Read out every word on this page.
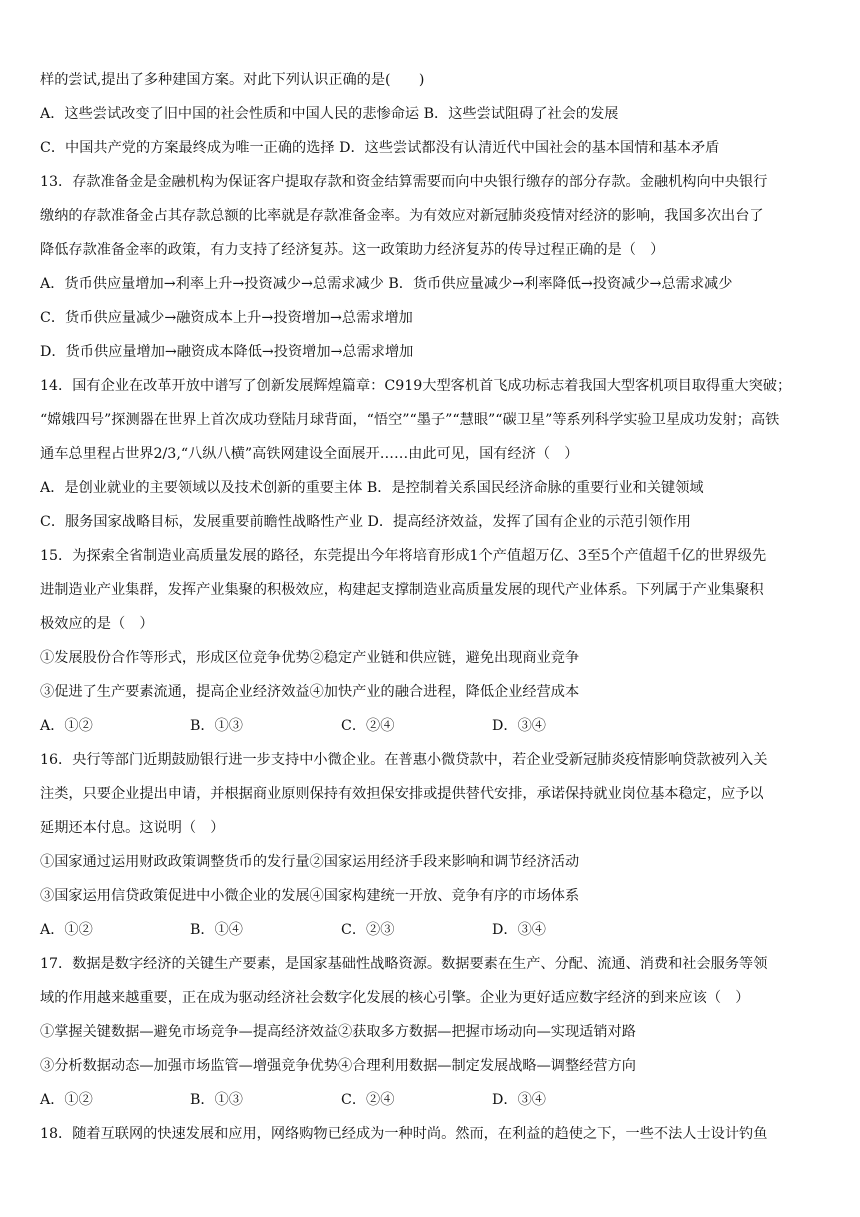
样的尝试,提出了多种建国方案。对此下列认识正确的是(　　)
A．这些尝试改变了旧中国的社会性质和中国人民的悲惨命运 B．这些尝试阻碍了社会的发展
C．中国共产党的方案最终成为唯一正确的选择 D．这些尝试都没有认清近代中国社会的基本国情和基本矛盾
13．存款准备金是金融机构为保证客户提取存款和资金结算需要而向中央银行缴存的部分存款。金融机构向中央银行
缴纳的存款准备金占其存款总额的比率就是存款准备金率。为有效应对新冠肺炎疫情对经济的影响，我国多次出台了
降低存款准备金率的政策，有力支持了经济复苏。这一政策助力经济复苏的传导过程正确的是（　）
A．货币供应量增加→利率上升→投资减少→总需求减少 B．货币供应量减少→利率降低→投资减少→总需求减少
C．货币供应量减少→融资成本上升→投资增加→总需求增加
D．货币供应量增加→融资成本降低→投资增加→总需求增加
14．国有企业在改革开放中谱写了创新发展辉煌篇章：C919大型客机首飞成功标志着我国大型客机项目取得重大突破；
“嫦娥四号”探测器在世界上首次成功登陆月球背面，“悟空”“墨子”“慧眼”“碳卫星”等系列科学实验卫星成功发射；高铁
通车总里程占世界2/3,“八纵八横”高铁网建设全面展开……由此可见，国有经济（　）
A．是创业就业的主要领域以及技术创新的重要主体 B．是控制着关系国民经济命脉的重要行业和关键领域
C．服务国家战略目标，发展重要前瞻性战略性产业 D．提高经济效益，发挥了国有企业的示范引领作用
15．为探索全省制造业高质量发展的路径，东莞提出今年将培育形成1个产值超万亿、3至5个产值超千亿的世界级先
进制造业产业集群，发挥产业集聚的积极效应，构建起支撑制造业高质量发展的现代产业体系。下列属于产业集聚积
极效应的是（　）
①发展股份合作等形式，形成区位竞争优势②稳定产业链和供应链，避免出现商业竞争
③促进了生产要素流通，提高企业经济效益④加快产业的融合进程，降低企业经营成本
A．①②	B．①③	C．②④	D．③④
16．央行等部门近期鼓励银行进一步支持中小微企业。在普惠小微贷款中，若企业受新冠肺炎疫情影响贷款被列入关
注类，只要企业提出申请，并根据商业原则保持有效担保安排或提供替代安排，承诺保持就业岗位基本稳定，应予以
延期还本付息。这说明（　）
①国家通过运用财政政策调整货币的发行量②国家运用经济手段来影响和调节经济活动
③国家运用信贷政策促进中小微企业的发展④国家构建统一开放、竞争有序的市场体系
A．①②	B．①④	C．②③	D．③④
17．数据是数字经济的关键生产要素，是国家基础性战略资源。数据要素在生产、分配、流通、消费和社会服务等领
域的作用越来越重要，正在成为驱动经济社会数字化发展的核心引擎。企业为更好适应数字经济的到来应该（　）
①掌握关键数据—避免市场竞争—提高经济效益②获取多方数据—把握市场动向—实现适销对路
③分析数据动态—加强市场监管—增强竞争优势④合理利用数据—制定发展战略—调整经营方向
A．①②	B．①③	C．②④	D．③④
18．随着互联网的快速发展和应用，网络购物已经成为一种时尚。然而，在利益的趋使之下，一些不法人士设计钓鱼
